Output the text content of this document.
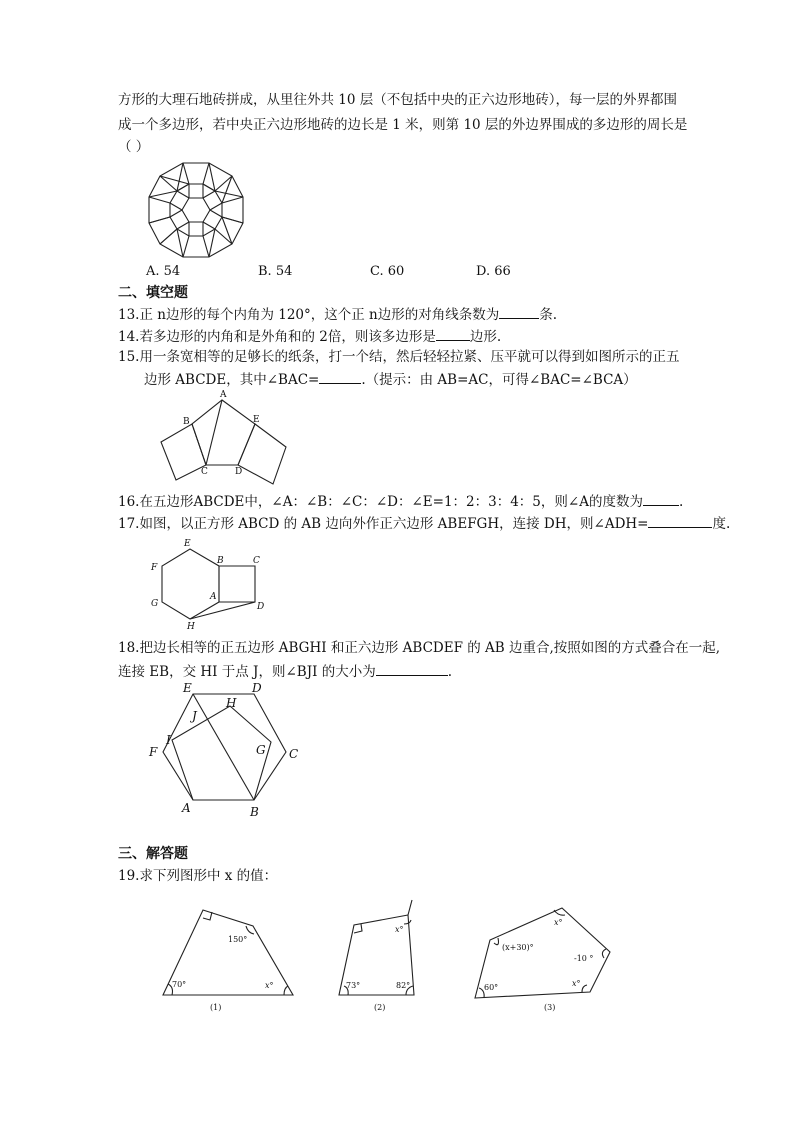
方形的大理石地砖拼成，从里往外共 10 层（不包括中央的正六边形地砖），每一层的外界都围
成一个多边形，若中央正六边形地砖的边长是 1 米，则第 10 层的外边界围成的多边形的周长是
（ ）
A. 54	B. 54	C. 60	D. 66
二、填空题
13.正 n边形的每个内角为 120°，这个正 n边形的对角线条数为	条.
14.若多边形的内角和是外角和的 2倍，则该多边形是	边形.
15.用一条宽相等的足够长的纸条，打一个结，然后轻轻拉紧、压平就可以得到如图所示的正五
边形 ABCDE，其中∠BAC=	.（提示：由 AB=AC，可得∠BAC=∠BCA）
A
B
C	D
E
16.在五边形ABCDE中，∠A：∠B：∠C：∠D：∠E=1：2：3：4：5，则∠A的度数为	.
17.如图，以正方形 ABCD 的 AB 边向外作正六边形 ABEFGH，连接 DH，则∠ADH=	度.
E
B	C
F
G
A
D
H
18.把边长相等的正五边形 ABGHI 和正六边形 ABCDEF 的 AB 边重合,按照如图的方式叠合在一起,
连接 EB，交 HI 于点 J，则∠BJI 的大小为	.
E	D
H
J
I
F	G C
A	B
三、解答题
19.求下列图形中 x 的值：
150°
70°	x°
(1)
x°
73°	82°
(2)
x°
(x+30)°
-10 °
60°	x°
(3)
